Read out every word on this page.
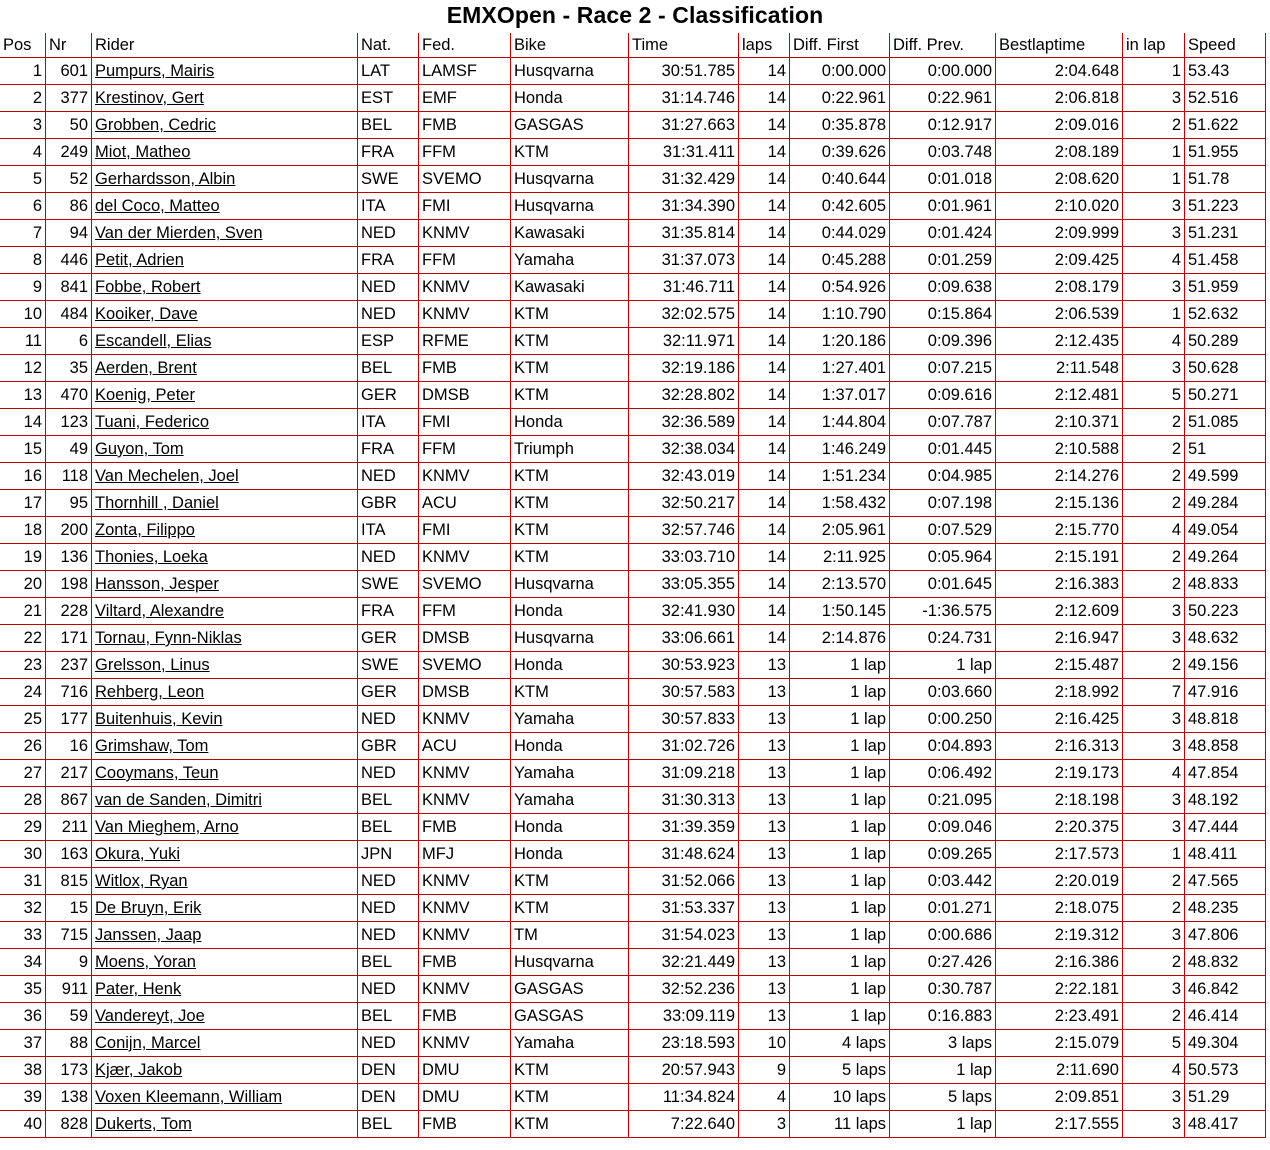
EMXOpen - Race 2 - Classification
Pos	Nr	Rider	Nat.	Fed.	Bike	Time	laps	Diff. First	Diff. Prev.	Bestlaptime	in lap	Speed
1	601	Pumpurs, Mairis	LAT	LAMSF	Husqvarna	30:51.785	14	0:00.000	0:00.000	2:04.648	1	53.43
2	377	Krestinov, Gert	EST	EMF	Honda	31:14.746	14	0:22.961	0:22.961	2:06.818	3	52.516
3	50	Grobben, Cedric	BEL	FMB	GASGAS	31:27.663	14	0:35.878	0:12.917	2:09.016	2	51.622
4	249	Miot, Matheo	FRA	FFM	KTM	31:31.411	14	0:39.626	0:03.748	2:08.189	1	51.955
5	52	Gerhardsson, Albin	SWE	SVEMO	Husqvarna	31:32.429	14	0:40.644	0:01.018	2:08.620	1	51.78
6	86	del Coco, Matteo	ITA	FMI	Husqvarna	31:34.390	14	0:42.605	0:01.961	2:10.020	3	51.223
7	94	Van der Mierden, Sven	NED	KNMV	Kawasaki	31:35.814	14	0:44.029	0:01.424	2:09.999	3	51.231
8	446	Petit, Adrien	FRA	FFM	Yamaha	31:37.073	14	0:45.288	0:01.259	2:09.425	4	51.458
9	841	Fobbe, Robert	NED	KNMV	Kawasaki	31:46.711	14	0:54.926	0:09.638	2:08.179	3	51.959
10	484	Kooiker, Dave	NED	KNMV	KTM	32:02.575	14	1:10.790	0:15.864	2:06.539	1	52.632
11	6	Escandell, Elias	ESP	RFME	KTM	32:11.971	14	1:20.186	0:09.396	2:12.435	4	50.289
12	35	Aerden, Brent	BEL	FMB	KTM	32:19.186	14	1:27.401	0:07.215	2:11.548	3	50.628
13	470	Koenig, Peter	GER	DMSB	KTM	32:28.802	14	1:37.017	0:09.616	2:12.481	5	50.271
14	123	Tuani, Federico	ITA	FMI	Honda	32:36.589	14	1:44.804	0:07.787	2:10.371	2	51.085
15	49	Guyon, Tom	FRA	FFM	Triumph	32:38.034	14	1:46.249	0:01.445	2:10.588	2	51
16	118	Van Mechelen, Joel	NED	KNMV	KTM	32:43.019	14	1:51.234	0:04.985	2:14.276	2	49.599
17	95	Thornhill , Daniel	GBR	ACU	KTM	32:50.217	14	1:58.432	0:07.198	2:15.136	2	49.284
18	200	Zonta, Filippo	ITA	FMI	KTM	32:57.746	14	2:05.961	0:07.529	2:15.770	4	49.054
19	136	Thonies, Loeka	NED	KNMV	KTM	33:03.710	14	2:11.925	0:05.964	2:15.191	2	49.264
20	198	Hansson, Jesper	SWE	SVEMO	Husqvarna	33:05.355	14	2:13.570	0:01.645	2:16.383	2	48.833
21	228	Viltard, Alexandre	FRA	FFM	Honda	32:41.930	14	1:50.145	-1:36.575	2:12.609	3	50.223
22	171	Tornau, Fynn-Niklas	GER	DMSB	Husqvarna	33:06.661	14	2:14.876	0:24.731	2:16.947	3	48.632
23	237	Grelsson, Linus	SWE	SVEMO	Honda	30:53.923	13	1 lap	1 lap	2:15.487	2	49.156
24	716	Rehberg, Leon	GER	DMSB	KTM	30:57.583	13	1 lap	0:03.660	2:18.992	7	47.916
25	177	Buitenhuis, Kevin	NED	KNMV	Yamaha	30:57.833	13	1 lap	0:00.250	2:16.425	3	48.818
26	16	Grimshaw, Tom	GBR	ACU	Honda	31:02.726	13	1 lap	0:04.893	2:16.313	3	48.858
27	217	Cooymans, Teun	NED	KNMV	Yamaha	31:09.218	13	1 lap	0:06.492	2:19.173	4	47.854
28	867	van de Sanden, Dimitri	BEL	KNMV	Yamaha	31:30.313	13	1 lap	0:21.095	2:18.198	3	48.192
29	211	Van Mieghem, Arno	BEL	FMB	Honda	31:39.359	13	1 lap	0:09.046	2:20.375	3	47.444
30	163	Okura, Yuki	JPN	MFJ	Honda	31:48.624	13	1 lap	0:09.265	2:17.573	1	48.411
31	815	Witlox, Ryan	NED	KNMV	KTM	31:52.066	13	1 lap	0:03.442	2:20.019	2	47.565
32	15	De Bruyn, Erik	NED	KNMV	KTM	31:53.337	13	1 lap	0:01.271	2:18.075	2	48.235
33	715	Janssen, Jaap	NED	KNMV	TM	31:54.023	13	1 lap	0:00.686	2:19.312	3	47.806
34	9	Moens, Yoran	BEL	FMB	Husqvarna	32:21.449	13	1 lap	0:27.426	2:16.386	2	48.832
35	911	Pater, Henk	NED	KNMV	GASGAS	32:52.236	13	1 lap	0:30.787	2:22.181	3	46.842
36	59	Vandereyt, Joe	BEL	FMB	GASGAS	33:09.119	13	1 lap	0:16.883	2:23.491	2	46.414
37	88	Conijn, Marcel	NED	KNMV	Yamaha	23:18.593	10	4 laps	3 laps	2:15.079	5	49.304
38	173	Kjær, Jakob	DEN	DMU	KTM	20:57.943	9	5 laps	1 lap	2:11.690	4	50.573
39	138	Voxen Kleemann, William	DEN	DMU	KTM	11:34.824	4	10 laps	5 laps	2:09.851	3	51.29
40	828	Dukerts, Tom	BEL	FMB	KTM	7:22.640	3	11 laps	1 lap	2:17.555	3	48.417
